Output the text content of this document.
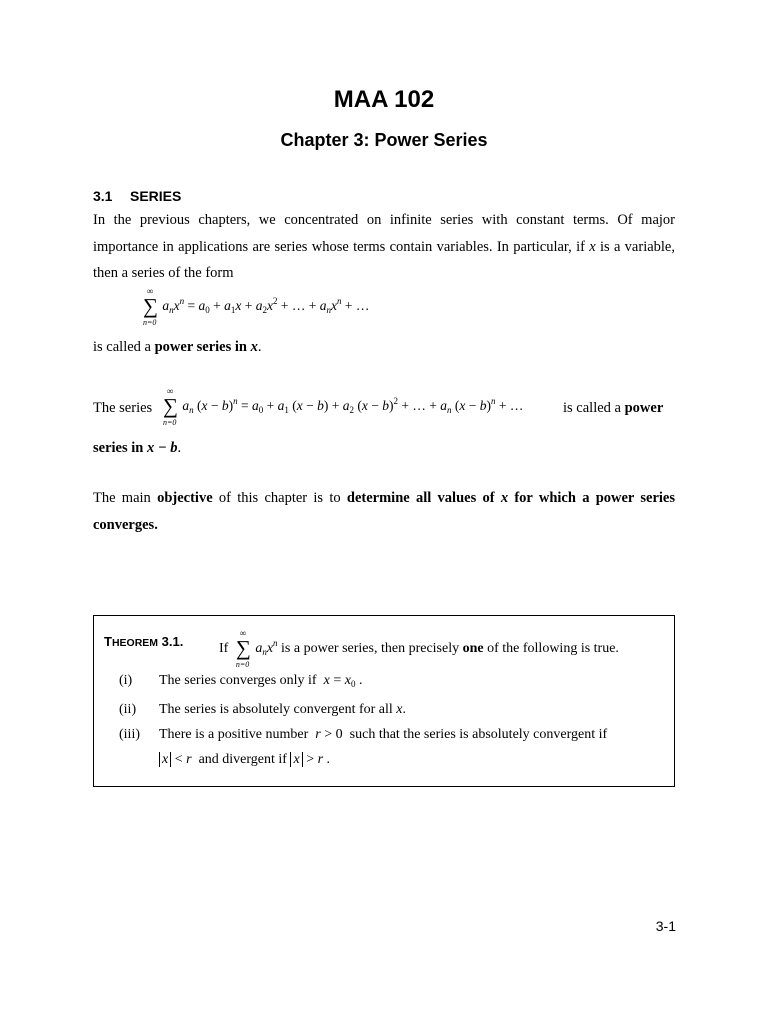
MAA 102
Chapter 3: Power Series
3.1 SERIES
In the previous chapters, we concentrated on infinite series with constant terms. Of major importance in applications are series whose terms contain variables. In particular, if x is a variable, then a series of the form
∑
∞
n=0
$a_nx^n = a_0 + a_1x + a_2x^2$ + … + $a_nx^n$ + …
is called a power series in x.
The series ∑
∞
n=0
$a_n$ $(x - b)^n = a_0 + a_1$ $(x - b) + a_2$ $(x - b)^2$ + … + $a_n$ $(x - b)^n$ + …	is called a power
series in x − b.
The main objective of this chapter is to determine all values of x for which a power series converges.
THEOREM 3.1.	If ∑
∞
n=0
$a_nx^n$ is a power series, then precisely one of the following is true.
(i) The series converges only if  $x = x_0$ .
(ii) The series is absolutely convergent for all x.
(iii) There is a positive number r > 0  such that the series is absolutely convergent if
x < r and divergent if x > r .
3-1
